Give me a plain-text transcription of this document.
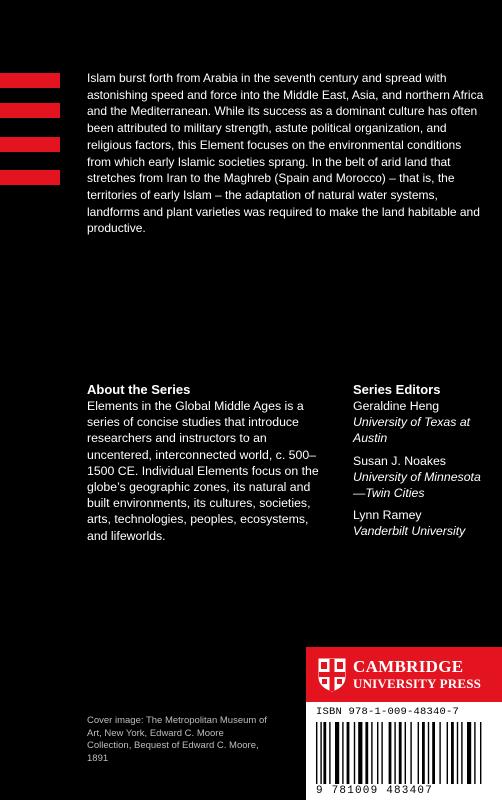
Islam burst forth from Arabia in the seventh century and spread with astonishing speed and force into the Middle East, Asia, and northern Africa and the Mediterranean. While its success as a dominant culture has often been attributed to military strength, astute political organization, and religious factors, this Element focuses on the environmental conditions from which early Islamic societies sprang. In the belt of arid land that stretches from Iran to the Maghreb (Spain and Morocco) – that is, the territories of early Islam – the adaptation of natural water systems, landforms and plant varieties was required to make the land habitable and productive.

About the Series

Elements in the Global Middle Ages is a series of concise studies that introduce researchers and instructors to an uncentered, interconnected world, c. 500–1500 CE. Individual Elements focus on the globe’s geographic zones, its natural and built environments, its cultures, societies, arts, technologies, peoples, ecosystems, and lifeworlds.

Series Editors

Geraldine Heng

University of Texas at Austin

Susan J. Noakes

University of Minnesota—Twin Cities

Lynn Ramey

Vanderbilt University

CAMBRIDGE
UNIVERSITY PRESS
ISBN 978-1-009-48340-7
9 781009 483407

Cover image: The Metropolitan Museum of Art, New York, Edward C. Moore Collection, Bequest of Edward C. Moore, 1891
